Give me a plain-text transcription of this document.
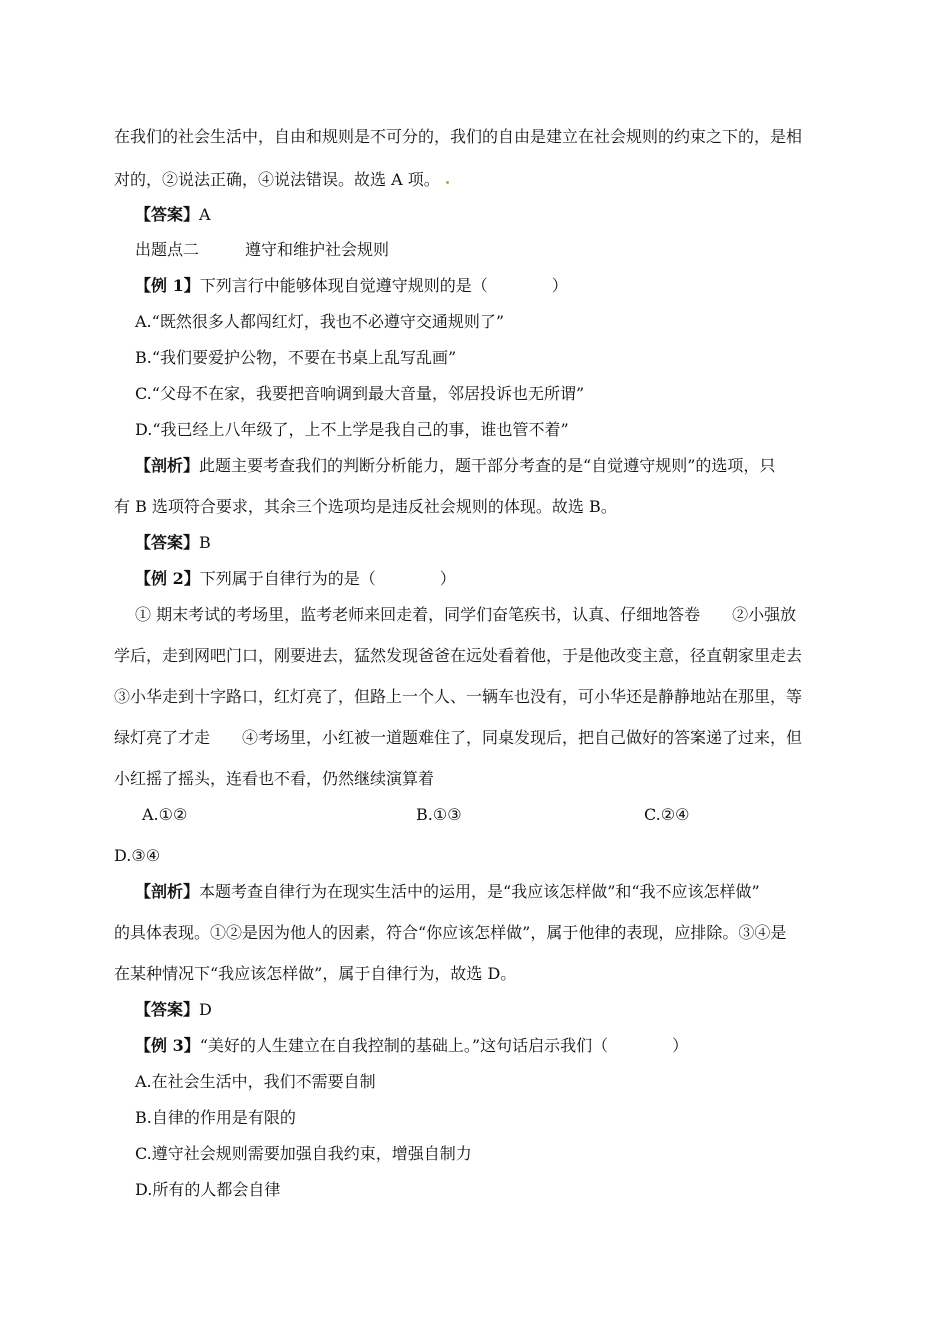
在我们的社会生活中，自由和规则是不可分的，我们的自由是建立在社会规则的约束之下的，是相
对的，②说法正确，④说法错误。故选 A 项。
【答案】A
出题点二	遵守和维护社会规则
【例 1】下列言行中能够体现自觉遵守规则的是（　　　　）
A.“既然很多人都闯红灯，我也不必遵守交通规则了”
B.“我们要爱护公物，不要在书桌上乱写乱画”
C.“父母不在家，我要把音响调到最大音量，邻居投诉也无所谓”
D.“我已经上八年级了，上不上学是我自己的事，谁也管不着”
【剖析】此题主要考查我们的判断分析能力，题干部分考查的是“自觉遵守规则”的选项，只
有 B 选项符合要求，其余三个选项均是违反社会规则的体现。故选 B。
【答案】B
【例 2】下列属于自律行为的是（　　　　）
① 期末考试的考场里，监考老师来回走着，同学们奋笔疾书，认真、仔细地答卷　　②小强放
学后，走到网吧门口，刚要进去，猛然发现爸爸在远处看着他，于是他改变主意，径直朝家里走去
③小华走到十字路口，红灯亮了，但路上一个人、一辆车也没有，可小华还是静静地站在那里，等
绿灯亮了才走　　④考场里，小红被一道题难住了，同桌发现后，把自己做好的答案递了过来，但
小红摇了摇头，连看也不看，仍然继续演算着
A.①②	B.①③	C.②④
D.③④
【剖析】本题考查自律行为在现实生活中的运用，是“我应该怎样做”和“我不应该怎样做”
的具体表现。①②是因为他人的因素，符合“你应该怎样做”，属于他律的表现，应排除。③④是
在某种情况下“我应该怎样做”，属于自律行为，故选 D。
【答案】D
【例 3】“美好的人生建立在自我控制的基础上。”这句话启示我们（　　　　）
A.在社会生活中，我们不需要自制
B.自律的作用是有限的
C.遵守社会规则需要加强自我约束，增强自制力
D.所有的人都会自律
